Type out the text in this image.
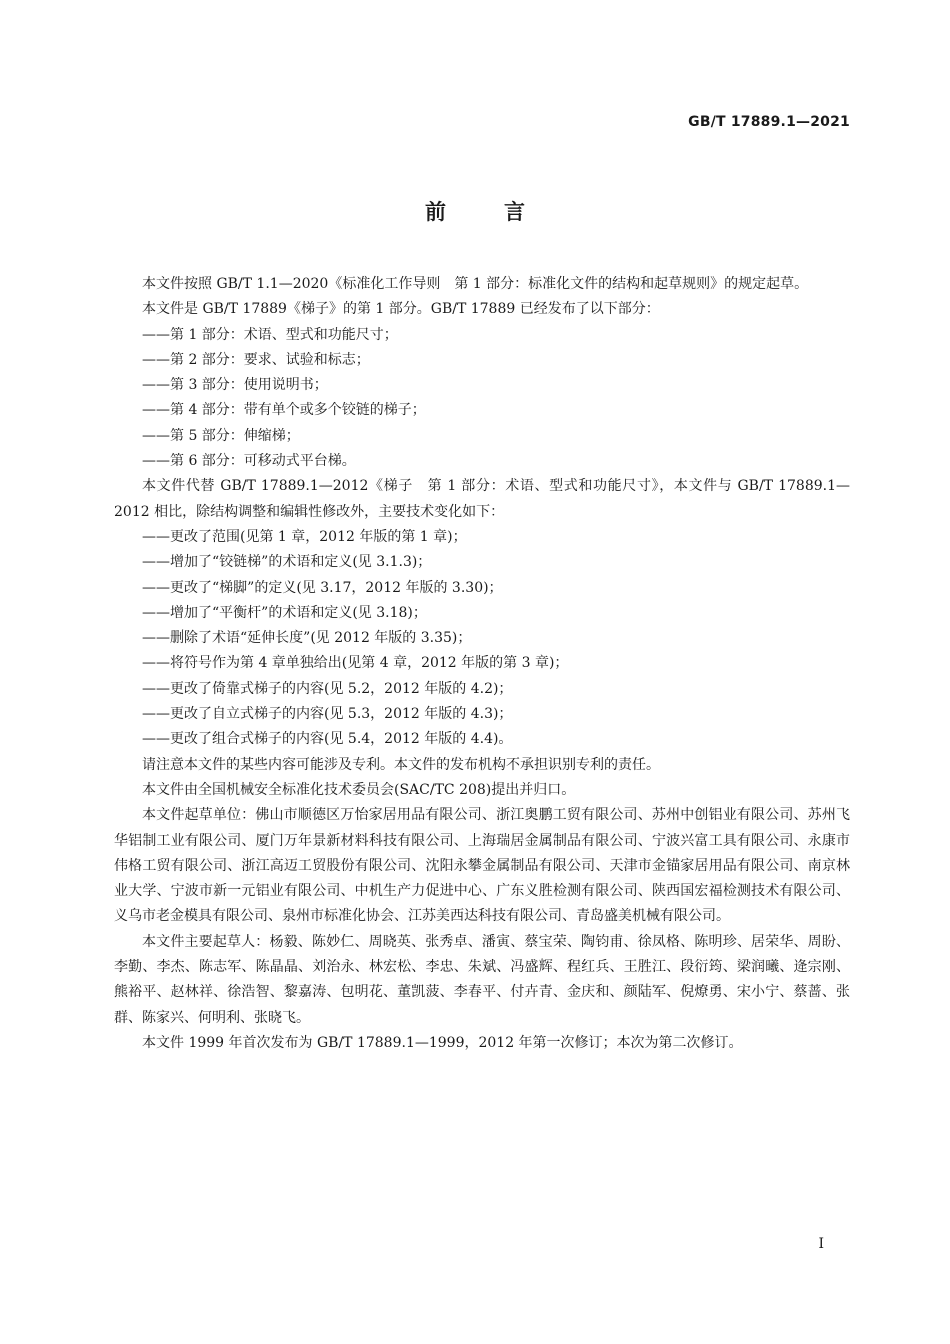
GB/T 17889.1—2021
前言

本文件按照 GB/T 1.1—2020《标准化工作导则　第 1 部分：标准化文件的结构和起草规则》的规定起草。

本文件是 GB/T 17889《梯子》的第 1 部分。GB/T 17889 已经发布了以下部分：

——第 1 部分：术语、型式和功能尺寸；

——第 2 部分：要求、试验和标志；

——第 3 部分：使用说明书；

——第 4 部分：带有单个或多个铰链的梯子；

——第 5 部分：伸缩梯；

——第 6 部分：可移动式平台梯。

本文件代替 GB/T 17889.1—2012《梯子　第 1 部分：术语、型式和功能尺寸》，本文件与 GB/T 17889.1—2012 相比，除结构调整和编辑性修改外，主要技术变化如下：

——更改了范围(见第 1 章，2012 年版的第 1 章)；

——增加了“铰链梯”的术语和定义(见 3.1.3)；

——更改了“梯脚”的定义(见 3.17，2012 年版的 3.30)；

——增加了“平衡杆”的术语和定义(见 3.18)；

——删除了术语“延伸长度”(见 2012 年版的 3.35)；

——将符号作为第 4 章单独给出(见第 4 章，2012 年版的第 3 章)；

——更改了倚靠式梯子的内容(见 5.2，2012 年版的 4.2)；

——更改了自立式梯子的内容(见 5.3，2012 年版的 4.3)；

——更改了组合式梯子的内容(见 5.4，2012 年版的 4.4)。

请注意本文件的某些内容可能涉及专利。本文件的发布机构不承担识别专利的责任。

本文件由全国机械安全标准化技术委员会(SAC/TC 208)提出并归口。

本文件起草单位：佛山市顺德区万怡家居用品有限公司、浙江奥鹏工贸有限公司、苏州中创铝业有限公司、苏州飞华铝制工业有限公司、厦门万年景新材料科技有限公司、上海瑞居金属制品有限公司、宁波兴富工具有限公司、永康市伟格工贸有限公司、浙江高迈工贸股份有限公司、沈阳永攀金属制品有限公司、天津市金锚家居用品有限公司、南京林业大学、宁波市新一元铝业有限公司、中机生产力促进中心、广东义胜检测有限公司、陕西国宏福检测技术有限公司、义乌市老金模具有限公司、泉州市标准化协会、江苏美西达科技有限公司、青岛盛美机械有限公司。

本文件主要起草人：杨毅、陈妙仁、周晓英、张秀卓、潘寅、蔡宝荣、陶钧甫、徐凤格、陈明珍、居荣华、周盼、李勤、李杰、陈志军、陈晶晶、刘治永、林宏松、李忠、朱斌、冯盛辉、程红兵、王胜江、段衍筠、梁润曦、逄宗刚、熊裕平、赵林祥、徐浩智、黎嘉涛、包明花、董凯菠、李春平、付卉青、金庆和、颜陆军、倪燎勇、宋小宁、蔡蔷、张群、陈家兴、何明利、张晓飞。

本文件 1999 年首次发布为 GB/T 17889.1—1999，2012 年第一次修订；本次为第二次修订。

I
